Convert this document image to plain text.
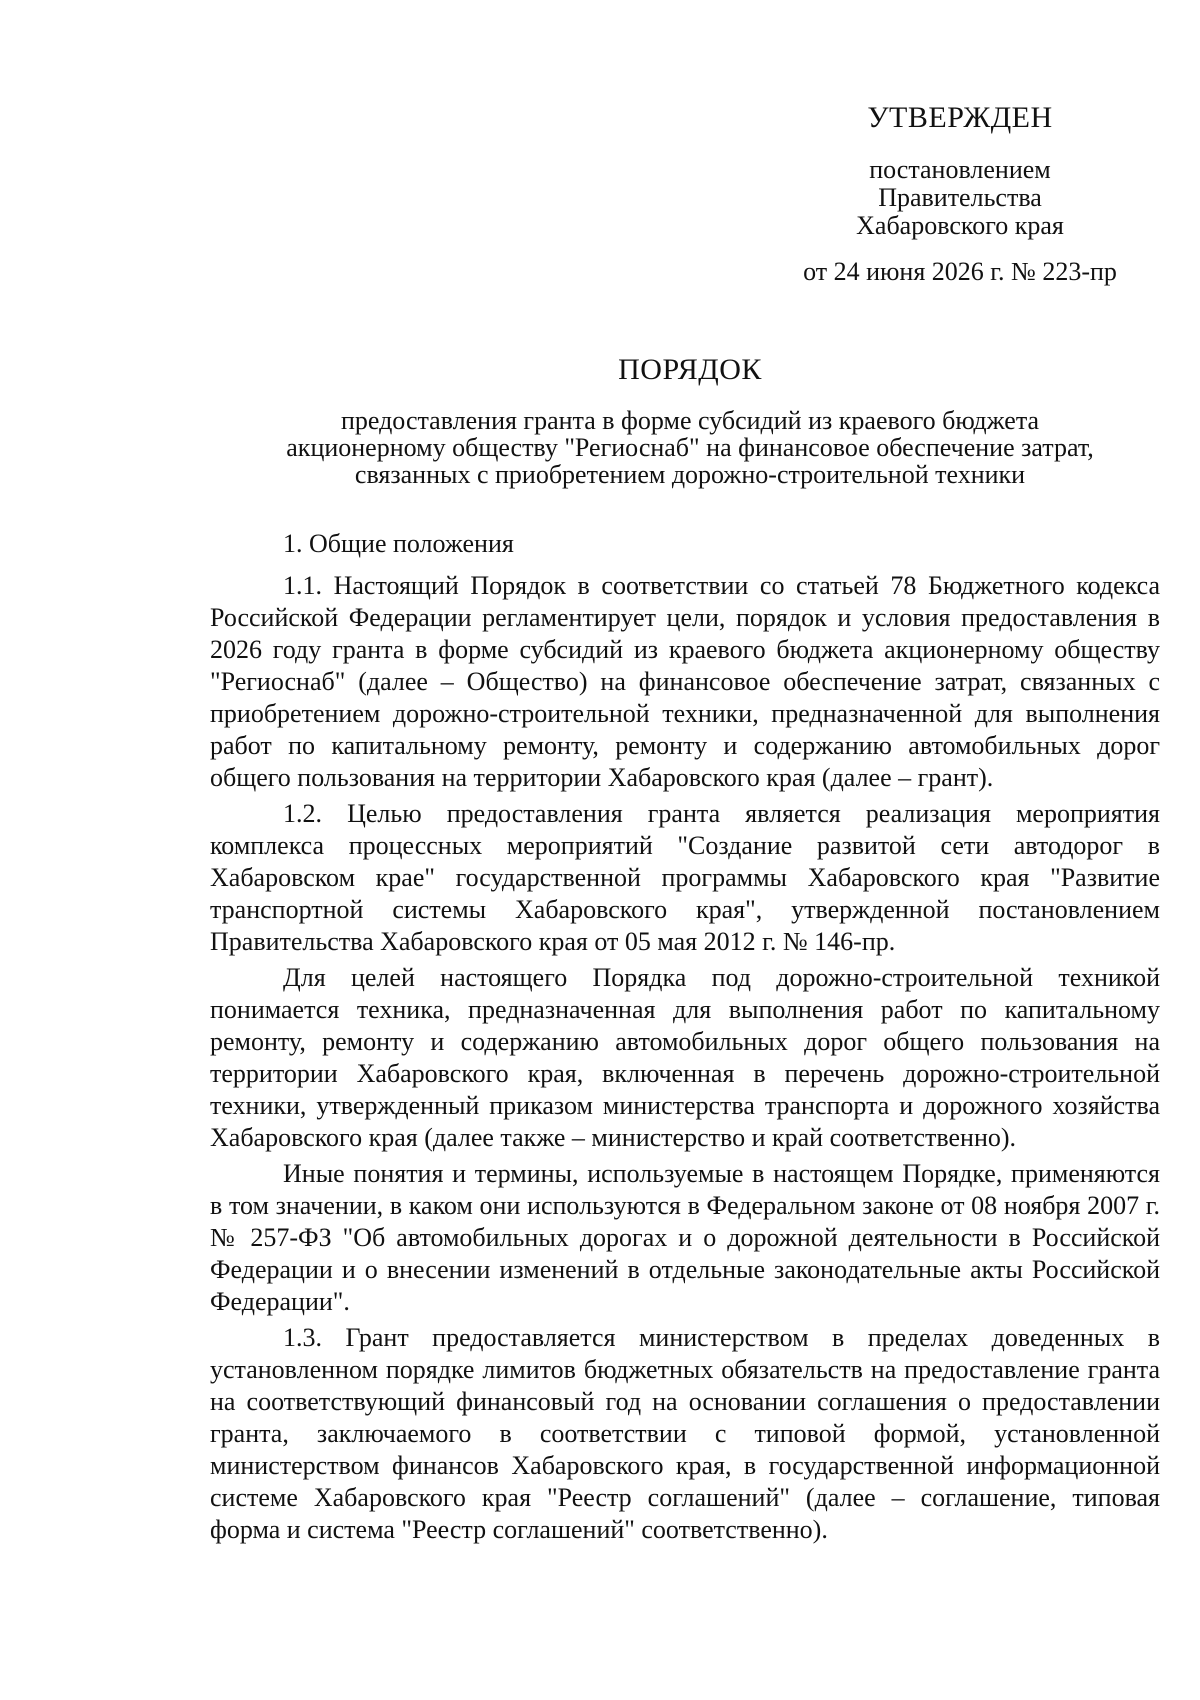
УТВЕРЖДЕН
постановлением
Правительства
Хабаровского края
от 24 июня 2026 г. № 223-пр
ПОРЯДОК
предоставления гранта в форме субсидий из краевого бюджета
акционерному обществу "Региоснаб" на финансовое обеспечение затрат,
связанных с приобретением дорожно-строительной техники

1. Общие положения

1.1. Настоящий Порядок в соответствии со статьей 78 Бюджетного кодекса Российской Федерации регламентирует цели, порядок и условия предоставления в 2026 году гранта в форме субсидий из краевого бюджета акционерному обществу "Региоснаб" (далее – Общество) на финансовое обеспечение затрат, связанных с приобретением дорожно-строительной техники, предназначенной для выполнения работ по капитальному ремонту, ремонту и содержанию автомобильных дорог общего пользования на территории Хабаровского края (далее – грант).

1.2. Целью предоставления гранта является реализация мероприятия комплекса процессных мероприятий "Создание развитой сети автодорог в Хабаровском крае" государственной программы Хабаровского края "Развитие транспортной системы Хабаровского края", утвержденной постановлением Правительства Хабаровского края от 05 мая 2012 г. № 146-пр.

Для целей настоящего Порядка под дорожно-строительной техникой понимается техника, предназначенная для выполнения работ по капитальному ремонту, ремонту и содержанию автомобильных дорог общего пользования на территории Хабаровского края, включенная в перечень дорожно-строительной техники, утвержденный приказом министерства транспорта и дорожного хозяйства Хабаровского края (далее также – министерство и край соответственно).

Иные понятия и термины, используемые в настоящем Порядке, применяются в том значении, в каком они используются в Федеральном законе от 08 ноября 2007 г. № 257-ФЗ "Об автомобильных дорогах и о дорожной деятельности в Российской Федерации и о внесении изменений в отдельные законодательные акты Российской Федерации".

1.3. Грант предоставляется министерством в пределах доведенных в установленном порядке лимитов бюджетных обязательств на предоставление гранта на соответствующий финансовый год на основании соглашения о предоставлении гранта, заключаемого в соответствии с типовой формой, установленной министерством финансов Хабаровского края, в государственной информационной системе Хабаровского края "Реестр соглашений" (далее – соглашение, типовая форма и система "Реестр соглашений" соответственно).
